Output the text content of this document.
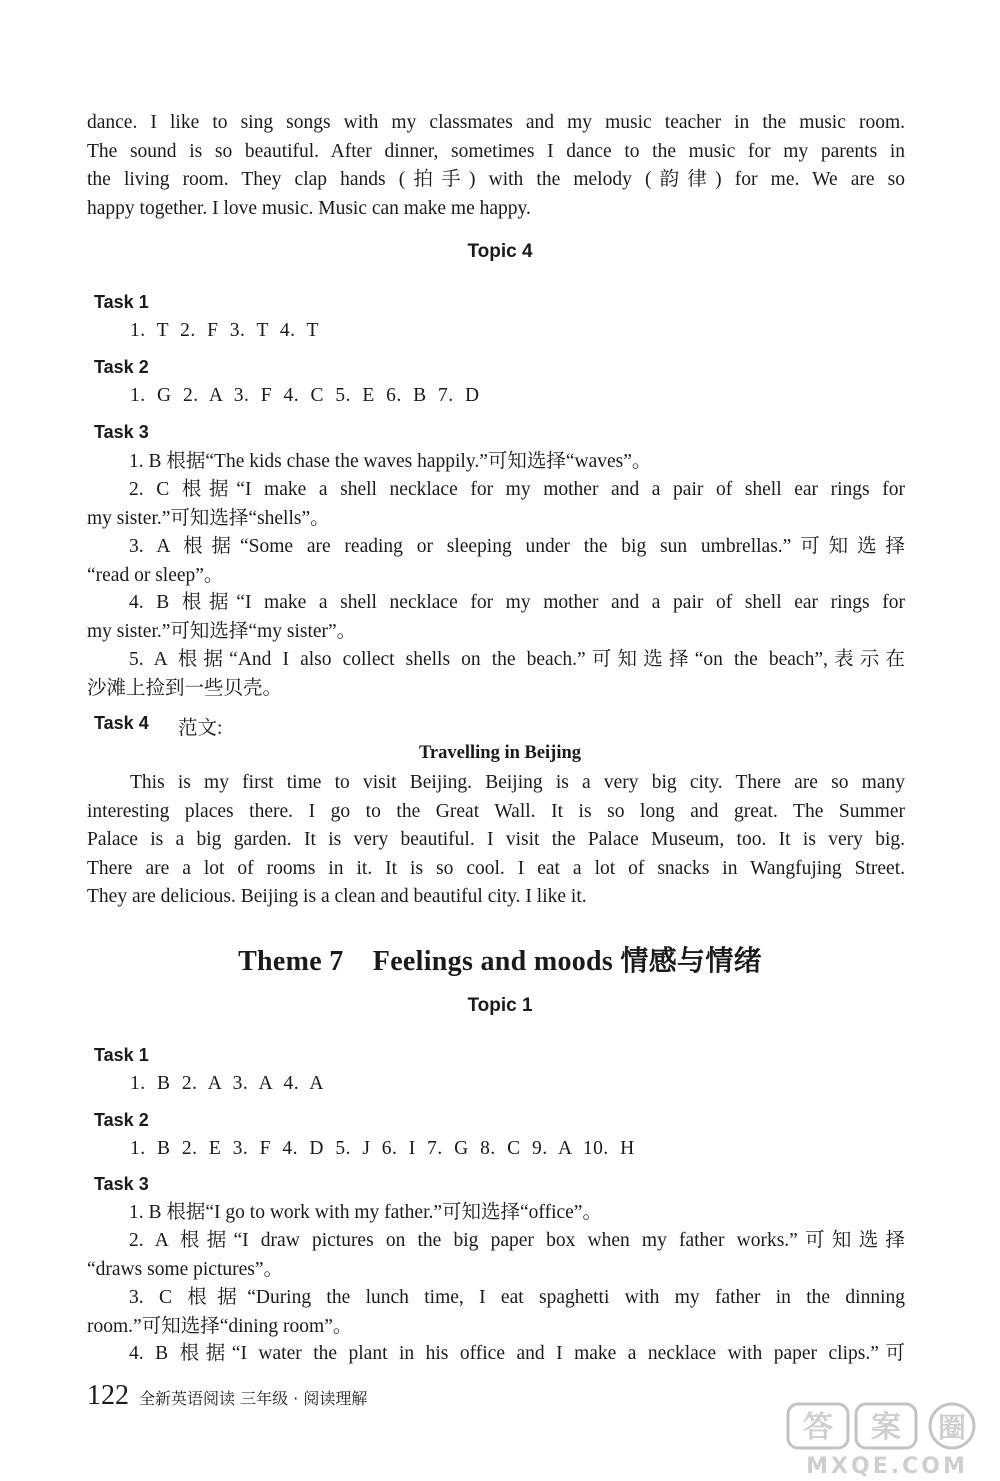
dance. I like to sing songs with my classmates and my music teacher in the music room.
The sound is so beautiful. After dinner, sometimes I dance to the music for my parents in
the living room. They clap hands (拍手) with the melody (韵律) for me. We are so
happy together. I love music. Music can make me happy.
Topic 4
Task 1
1. T 2. F 3. T 4. T
Task 2
1. G 2. A 3. F 4. C 5. E 6. B 7. D
Task 3
1. B 根据“The kids chase the waves happily.”可知选择“waves”。
2. C 根据“I make a shell necklace for my mother and a pair of shell ear rings for
my sister.”可知选择“shells”。
3. A 根据“Some are reading or sleeping under the big sun umbrellas.”可知选择
“read or sleep”。
4. B 根据“I make a shell necklace for my mother and a pair of shell ear rings for
my sister.”可知选择“my sister”。
5. A 根据“And I also collect shells on the beach.”可知选择“on the beach”,表示在
沙滩上捡到一些贝壳。
Task 4 范文:
Travelling in Beijing
This is my first time to visit Beijing. Beijing is a very big city. There are so many
interesting places there. I go to the Great Wall. It is so long and great. The Summer
Palace is a big garden. It is very beautiful. I visit the Palace Museum, too. It is very big.
There are a lot of rooms in it. It is so cool. I eat a lot of snacks in Wangfujing Street.
They are delicious. Beijing is a clean and beautiful city. I like it.
Theme 7    Feelings and moods 情感与情绪
Topic 1
Task 1
1. B 2. A 3. A 4. A
Task 2
1. B 2. E 3. F 4. D 5. J 6. I 7. G 8. C 9. A 10. H
Task 3
1. B 根据“I go to work with my father.”可知选择“office”。
2. A 根据“I draw pictures on the big paper box when my father works.”可知选择
“draws some pictures”。
3. C 根据“During the lunch time, I eat spaghetti with my father in the dinning
room.”可知选择“dining room”。
4. B 根据“I water the plant in his office and I make a necklace with paper clips.”可
122 全新英语阅读 三年级 · 阅读理解
答 案 圈
MXQE.COM
